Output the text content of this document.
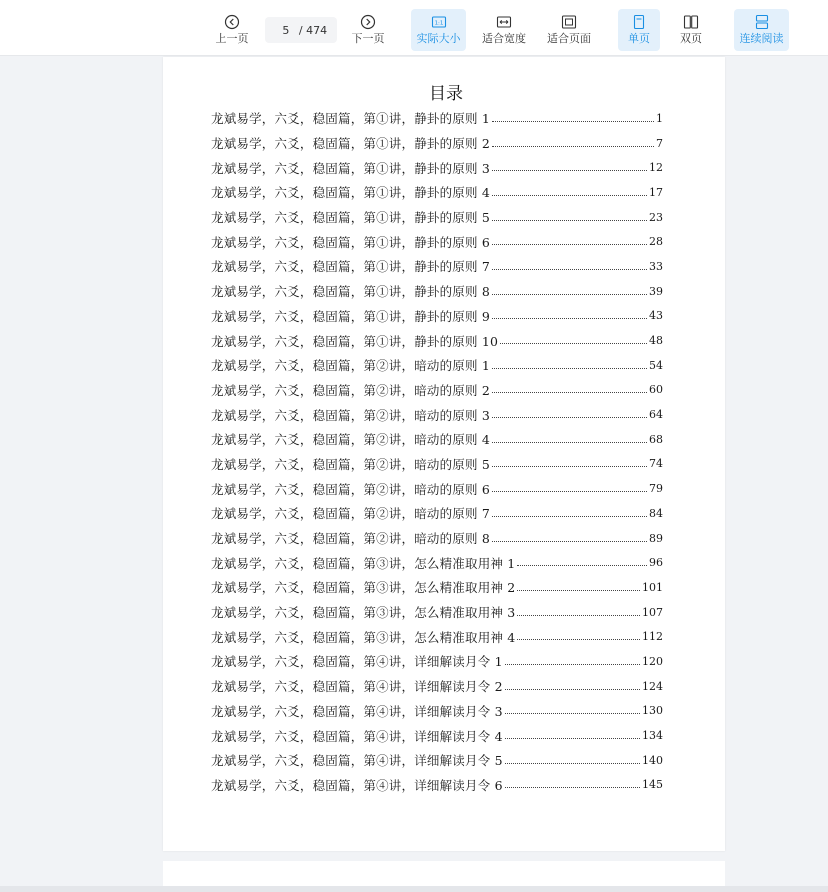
上一页
5
/ 474
下一页
1:1
实际大小 适合宽度 适合页面	单页	双页	连续阅读
目录
龙斌易学，六爻，稳固篇，第①讲，静卦的原则 1	1
龙斌易学，六爻，稳固篇，第①讲，静卦的原则 2	7
龙斌易学，六爻，稳固篇，第①讲，静卦的原则 3	12
龙斌易学，六爻，稳固篇，第①讲，静卦的原则 4	17
龙斌易学，六爻，稳固篇，第①讲，静卦的原则 5	23
龙斌易学，六爻，稳固篇，第①讲，静卦的原则 6	28
龙斌易学，六爻，稳固篇，第①讲，静卦的原则 7	33
龙斌易学，六爻，稳固篇，第①讲，静卦的原则 8	39
龙斌易学，六爻，稳固篇，第①讲，静卦的原则 9	43
龙斌易学，六爻，稳固篇，第①讲，静卦的原则 10	48
龙斌易学，六爻，稳固篇，第②讲，暗动的原则 1	54
龙斌易学，六爻，稳固篇，第②讲，暗动的原则 2	60
龙斌易学，六爻，稳固篇，第②讲，暗动的原则 3	64
龙斌易学，六爻，稳固篇，第②讲，暗动的原则 4	68
龙斌易学，六爻，稳固篇，第②讲，暗动的原则 5	74
龙斌易学，六爻，稳固篇，第②讲，暗动的原则 6	79
龙斌易学，六爻，稳固篇，第②讲，暗动的原则 7	84
龙斌易学，六爻，稳固篇，第②讲，暗动的原则 8	89
龙斌易学，六爻，稳固篇，第③讲，怎么精准取用神 1	96
龙斌易学，六爻，稳固篇，第③讲，怎么精准取用神 2	101
龙斌易学，六爻，稳固篇，第③讲，怎么精准取用神 3	107
龙斌易学，六爻，稳固篇，第③讲，怎么精准取用神 4	112
龙斌易学，六爻，稳固篇，第④讲，详细解读月令 1	120
龙斌易学，六爻，稳固篇，第④讲，详细解读月令 2	124
龙斌易学，六爻，稳固篇，第④讲，详细解读月令 3	130
龙斌易学，六爻，稳固篇，第④讲，详细解读月令 4	134
龙斌易学，六爻，稳固篇，第④讲，详细解读月令 5	140
龙斌易学，六爻，稳固篇，第④讲，详细解读月令 6	145
